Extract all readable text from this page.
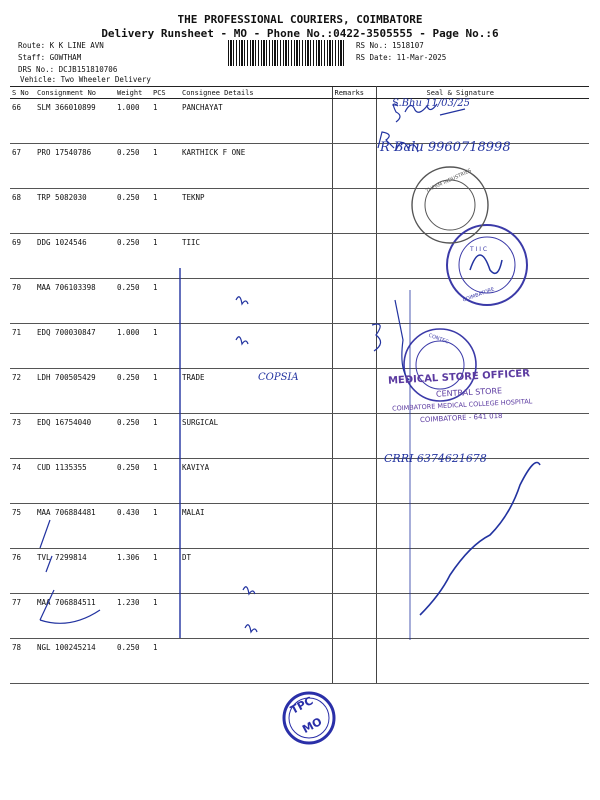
THE PROFESSIONAL COURIERS, COIMBATORE
Delivery Runsheet - MO - Phone No.:0422-3505555 - Page No.:6
Route: K K LINE AVN
Staff: GOWTHAM
DRS No.: DCJB151810706
Vehicle: Two Wheeler Delivery
RS No.: 1518107
RS Date: 11-Mar-2025
S No	Consignment No	Weight	PCS	Consignee Details	Remarks	Seal & Signature
66	SLM 366010899	1.000	1	PANCHAYAT		
67	PRO 17540786	0.250	1	KARTHICK F ONE		
68	TRP 5082030	0.250	1	TEKNP		
69	DDG 1024546	0.250	1	TIIC		
70	MAA 706103398	0.250	1			
71	EDQ 700030847	1.000	1			
72	LDH 700505429	0.250	1	TRADE		
73	EDQ 16754040	0.250	1	SURGICAL		
74	CUD 1135355	0.250	1	KAVIYA		
75	MAA 706884481	0.430	1	MALAI		
76	TVL 7299814	1.306	1	DT		
77	MAA 706884511	1.230	1			
78	NGL 100245214	0.250	1			
TPC
MO
MEDICAL STORE OFFICER
CENTRAL STORE
COIMBATORE MEDICAL COLLEGE HOSPITAL
COIMBATORE - 641 018
T I I C
COIMBATORE
THERM INDUSTRIES
CONTEC
S.Bhu 11/03/25
R Balu 9960718998
COPSIA
CRRI 6374621678
